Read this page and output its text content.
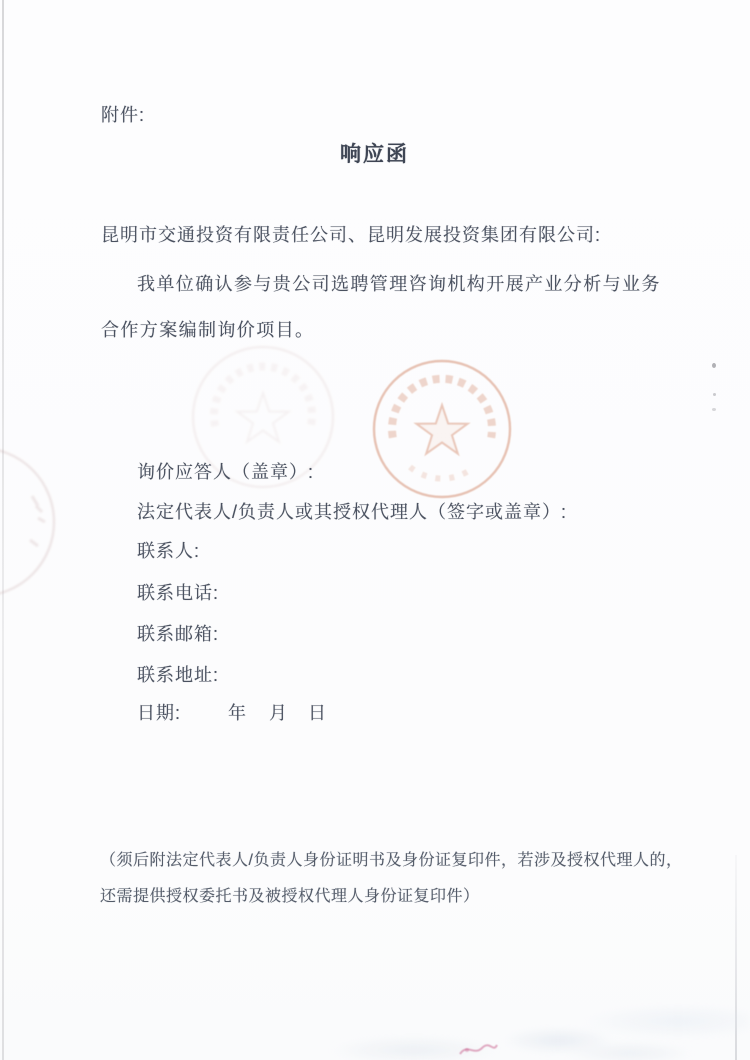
附件:
响应函
昆明市交通投资有限责任公司、昆明发展投资集团有限公司:
我单位确认参与贵公司选聘管理咨询机构开展产业分析与业务
合作方案编制询价项目。
询价应答人（盖章）:
法定代表人/负责人或其授权代理人（签字或盖章）:
联系人:
联系电话:
联系邮箱:
联系地址:
日期:	年 月 日
（须后附法定代表人/负责人身份证明书及身份证复印件，若涉及授权代理人的，
还需提供授权委托书及被授权代理人身份证复印件）
